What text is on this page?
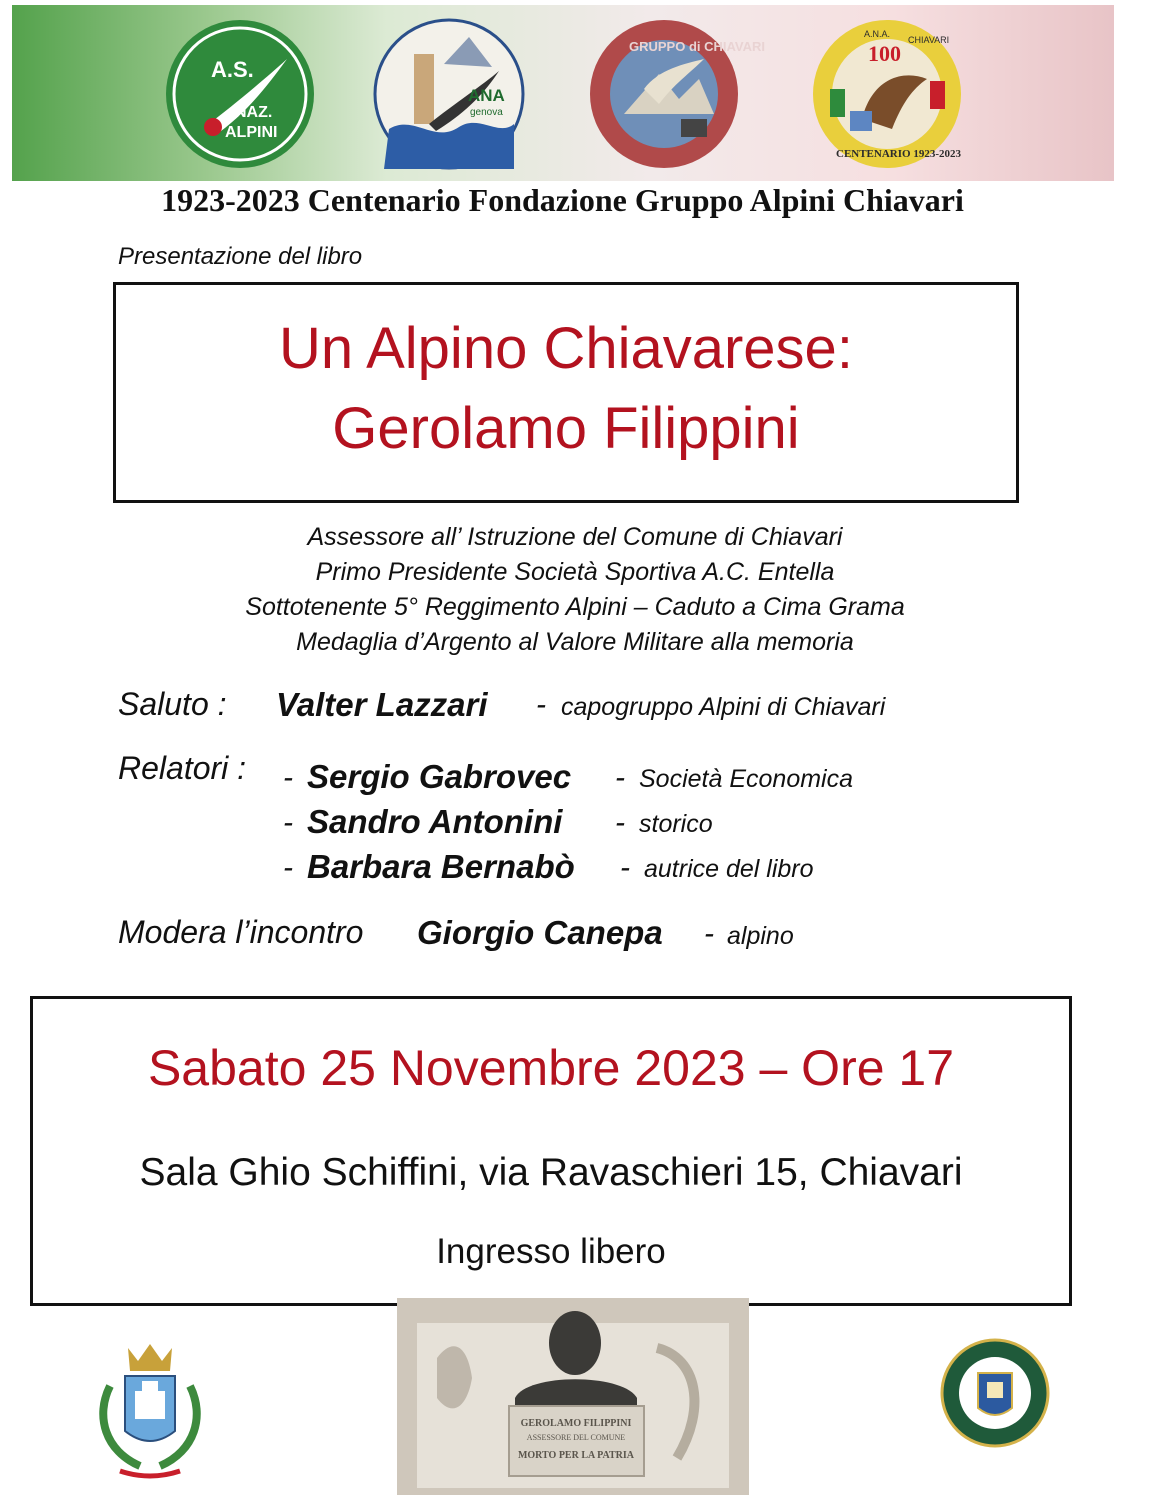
A.S.
NAZ.
ALPINI
ANA
genova
GRUPPO di CHIAVARI
A.N.A.
100
CHIAVARI
CENTENARIO 1923-2023
1923-2023 Centenario Fondazione Gruppo Alpini Chiavari
Presentazione del libro
Un Alpino Chiavarese:
Gerolamo Filippini
Assessore all’ Istruzione del Comune di Chiavari
Primo Presidente Società Sportiva A.C. Entella
Sottotenente 5° Reggimento Alpini – Caduto a Cima Grama
Medaglia d’Argento al Valore Militare alla memoria
Saluto : Valter Lazzari - capogruppo Alpini di Chiavari
Relatori : - Sergio Gabrovec - Società Economica
- Sandro Antonini - storico
- Barbara Bernabò - autrice del libro
Modera l’incontro Giorgio Canepa - alpino
Sabato 25 Novembre 2023 – Ore 17
Sala Ghio Schiffini, via Ravaschieri 15, Chiavari
Ingresso libero
GEROLAMO FILIPPINI
ASSESSORE DEL COMUNE
MORTO PER LA PATRIA
